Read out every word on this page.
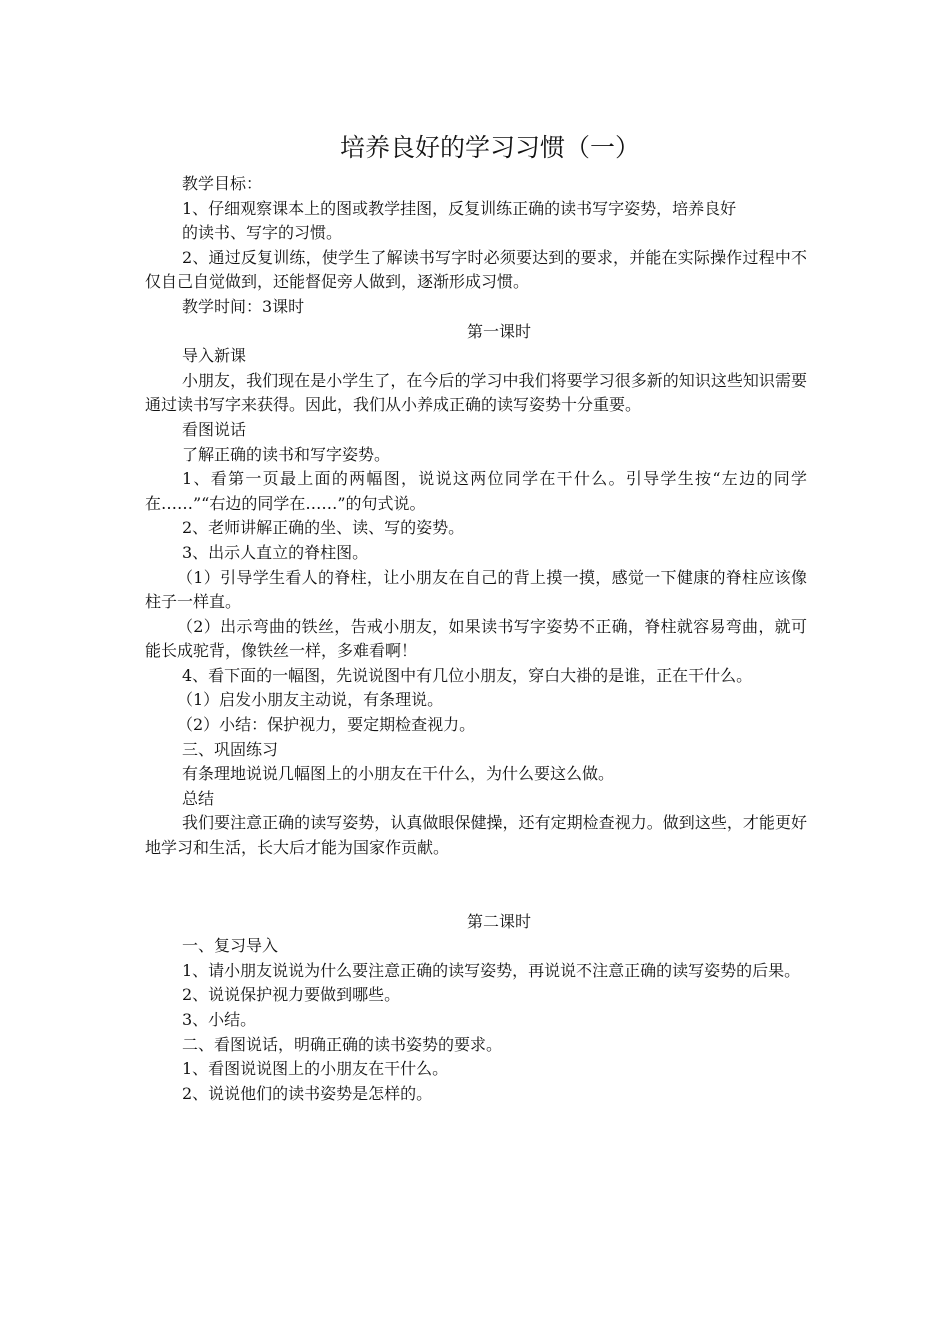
培养良好的学习习惯（一）

教学目标：

1、仔细观察课本上的图或教学挂图，反复训练正确的读书写字姿势，培养良好

的读书、写字的习惯。

2、通过反复训练，使学生了解读书写字时必须要达到的要求，并能在实际操作过程中不仅自己自觉做到，还能督促旁人做到，逐渐形成习惯。

教学时间：3课时

第一课时

导入新课

小朋友，我们现在是小学生了，在今后的学习中我们将要学习很多新的知识这些知识需要通过读书写字来获得。因此，我们从小养成正确的读写姿势十分重要。

看图说话

了解正确的读书和写字姿势。

1、看第一页最上面的两幅图，说说这两位同学在干什么。引导学生按“左边的同学在……”“右边的同学在……”的句式说。

2、老师讲解正确的坐、读、写的姿势。

3、出示人直立的脊柱图。

（1）引导学生看人的脊柱，让小朋友在自己的背上摸一摸，感觉一下健康的脊柱应该像柱子一样直。

（2）出示弯曲的铁丝，告戒小朋友，如果读书写字姿势不正确，脊柱就容易弯曲，就可能长成驼背，像铁丝一样，多难看啊！

4、看下面的一幅图，先说说图中有几位小朋友，穿白大褂的是谁，正在干什么。

（1）启发小朋友主动说，有条理说。

（2）小结：保护视力，要定期检查视力。

三、巩固练习

有条理地说说几幅图上的小朋友在干什么，为什么要这么做。

总结

我们要注意正确的读写姿势，认真做眼保健操，还有定期检查视力。做到这些，才能更好地学习和生活，长大后才能为国家作贡献。

第二课时

一、复习导入

1、请小朋友说说为什么要注意正确的读写姿势，再说说不注意正确的读写姿势的后果。

2、说说保护视力要做到哪些。

3、小结。

二、看图说话，明确正确的读书姿势的要求。

1、看图说说图上的小朋友在干什么。

2、说说他们的读书姿势是怎样的。
